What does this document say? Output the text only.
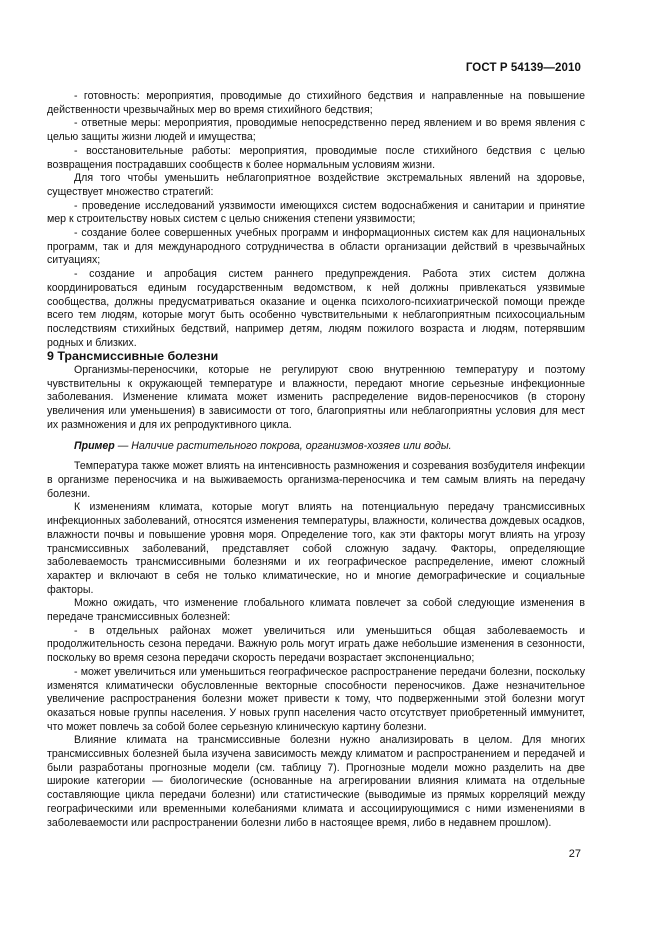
ГОСТ Р 54139—2010

- готовность: мероприятия, проводимые до стихийного бедствия и направленные на повышение действенности чрезвычайных мер во время стихийного бедствия;

- ответные меры: мероприятия, проводимые непосредственно перед явлением и во время явления с целью защиты жизни людей и имущества;

- восстановительные работы: мероприятия, проводимые после стихийного бедствия с целью возвращения пострадавших сообществ к более нормальным условиям жизни.

Для того чтобы уменьшить неблагоприятное воздействие экстремальных явлений на здоровье, существует множество стратегий:

- проведение исследований уязвимости имеющихся систем водоснабжения и санитарии и принятие мер к строительству новых систем с целью снижения степени уязвимости;

- создание более совершенных учебных программ и информационных систем как для национальных программ, так и для международного сотрудничества в области организации действий в чрезвычайных ситуациях;

- создание и апробация систем раннего предупреждения. Работа этих систем должна координироваться единым государственным ведомством, к ней должны привлекаться уязвимые сообщества, должны предусматриваться оказание и оценка психолого-психиатрической помощи прежде всего тем людям, которые могут быть особенно чувствительными к неблагоприятным психосоциальным последствиям стихийных бедствий, например детям, людям пожилого возраста и людям, потерявшим родных и близких.

9 Трансмиссивные болезни

Организмы-переносчики, которые не регулируют свою внутреннюю температуру и поэтому чувствительны к окружающей температуре и влажности, передают многие серьезные инфекционные заболевания. Изменение климата может изменить распределение видов-переносчиков (в сторону увеличения или уменьшения) в зависимости от того, благоприятны или неблагоприятны условия для мест их размножения и для их репродуктивного цикла.

Пример — Наличие растительного покрова, организмов-хозяев или воды.

Температура также может влиять на интенсивность размножения и созревания возбудителя инфекции в организме переносчика и на выживаемость организма-переносчика и тем самым влиять на передачу болезни.

К изменениям климата, которые могут влиять на потенциальную передачу трансмиссивных инфекционных заболеваний, относятся изменения температуры, влажности, количества дождевых осадков, влажности почвы и повышение уровня моря. Определение того, как эти факторы могут влиять на угрозу трансмиссивных заболеваний, представляет собой сложную задачу. Факторы, определяющие заболеваемость трансмиссивными болезнями и их географическое распределение, имеют сложный характер и включают в себя не только климатические, но и многие демографические и социальные факторы.

Можно ожидать, что изменение глобального климата повлечет за собой следующие изменения в передаче трансмиссивных болезней:

- в отдельных районах может увеличиться или уменьшиться общая заболеваемость и продолжительность сезона передачи. Важную роль могут играть даже небольшие изменения в сезонности, поскольку во время сезона передачи скорость передачи возрастает экспоненциально;

- может увеличиться или уменьшиться географическое распространение передачи болезни, поскольку изменятся климатически обусловленные векторные способности переносчиков. Даже незначительное увеличение распространения болезни может привести к тому, что подверженными этой болезни могут оказаться новые группы населения. У новых групп населения часто отсутствует приобретенный иммунитет, что может повлечь за собой более серьезную клиническую картину болезни.

Влияние климата на трансмиссивные болезни нужно анализировать в целом. Для многих трансмиссивных болезней была изучена зависимость между климатом и распространением и передачей и были разработаны прогнозные модели (см. таблицу 7). Прогнозные модели можно разделить на две широкие категории — биологические (основанные на агрегировании влияния климата на отдельные составляющие цикла передачи болезни) или статистические (выводимые из прямых корреляций между географическими или временными колебаниями климата и ассоциирующимися с ними изменениями в заболеваемости или распространении болезни либо в настоящее время, либо в недавнем прошлом).

27
